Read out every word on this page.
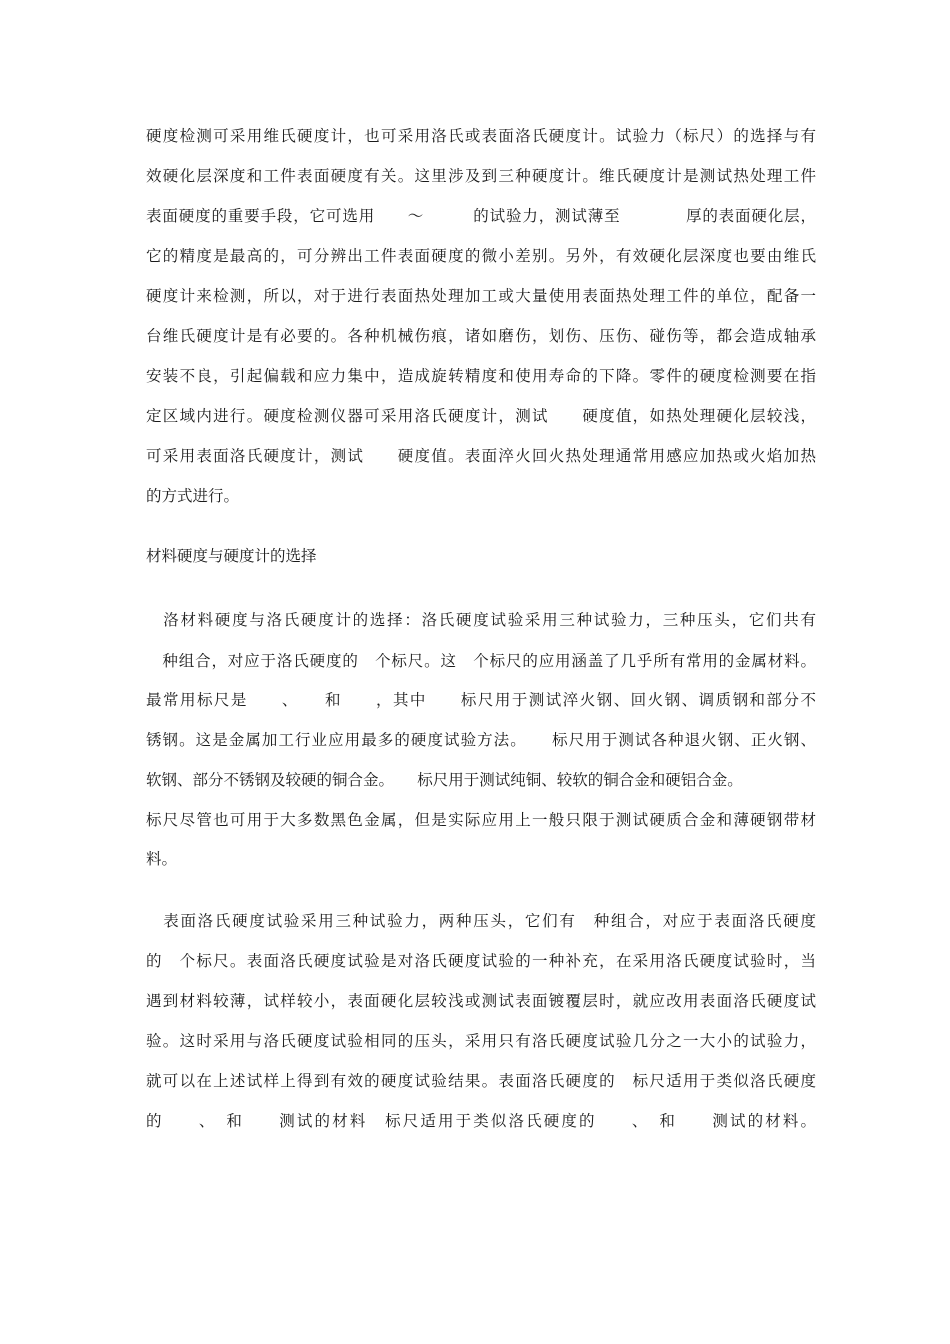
硬度检测可采用维氏硬度计，也可采用洛氏或表面洛氏硬度计。试验力（标尺）的选择与有
效硬化层深度和工件表面硬度有关。这里涉及到三种硬度计。维氏硬度计是测试热处理工件
表面硬度的重要手段，它可选用　　～　　　的试验力，测试薄至　　　　厚的表面硬化层，
它的精度是最高的，可分辨出工件表面硬度的微小差别。另外，有效硬化层深度也要由维氏
硬度计来检测，所以，对于进行表面热处理加工或大量使用表面热处理工件的单位，配备一
台维氏硬度计是有必要的。各种机械伤痕，诸如磨伤，划伤、压伤、碰伤等，都会造成轴承
安装不良，引起偏载和应力集中，造成旋转精度和使用寿命的下降。零件的硬度检测要在指
定区域内进行。硬度检测仪器可采用洛氏硬度计，测试　　硬度值，如热处理硬化层较浅，
可采用表面洛氏硬度计，测试　　硬度值。表面淬火回火热处理通常用感应加热或火焰加热
的方式进行。
材料硬度与硬度计的选择
　洛材料硬度与洛氏硬度计的选择：洛氏硬度试验采用三种试验力，三种压头，它们共有
　种组合，对应于洛氏硬度的　个标尺。这　个标尺的应用涵盖了几乎所有常用的金属材料。
最常用标尺是　　、　　和　　，其中　　标尺用于测试淬火钢、回火钢、调质钢和部分不
锈钢。这是金属加工行业应用最多的硬度试验方法。　　标尺用于测试各种退火钢、正火钢、
软钢、部分不锈钢及较硬的铜合金。　　标尺用于测试纯铜、较软的铜合金和硬铝合金。
标尺尽管也可用于大多数黑色金属，但是实际应用上一般只限于测试硬质合金和薄硬钢带材
料。
　表面洛氏硬度试验采用三种试验力，两种压头，它们有　种组合，对应于表面洛氏硬度
的　个标尺。表面洛氏硬度试验是对洛氏硬度试验的一种补充，在采用洛氏硬度试验时，当
遇到材料较薄，试样较小，表面硬化层较浅或测试表面镀覆层时，就应改用表面洛氏硬度试
验。这时采用与洛氏硬度试验相同的压头，采用只有洛氏硬度试验几分之一大小的试验力，
就可以在上述试样上得到有效的硬度试验结果。表面洛氏硬度的　标尺适用于类似洛氏硬度
的　　、　和　　测试的材料　标尺适用于类似洛氏硬度的　　、　和　　测试的材料。
